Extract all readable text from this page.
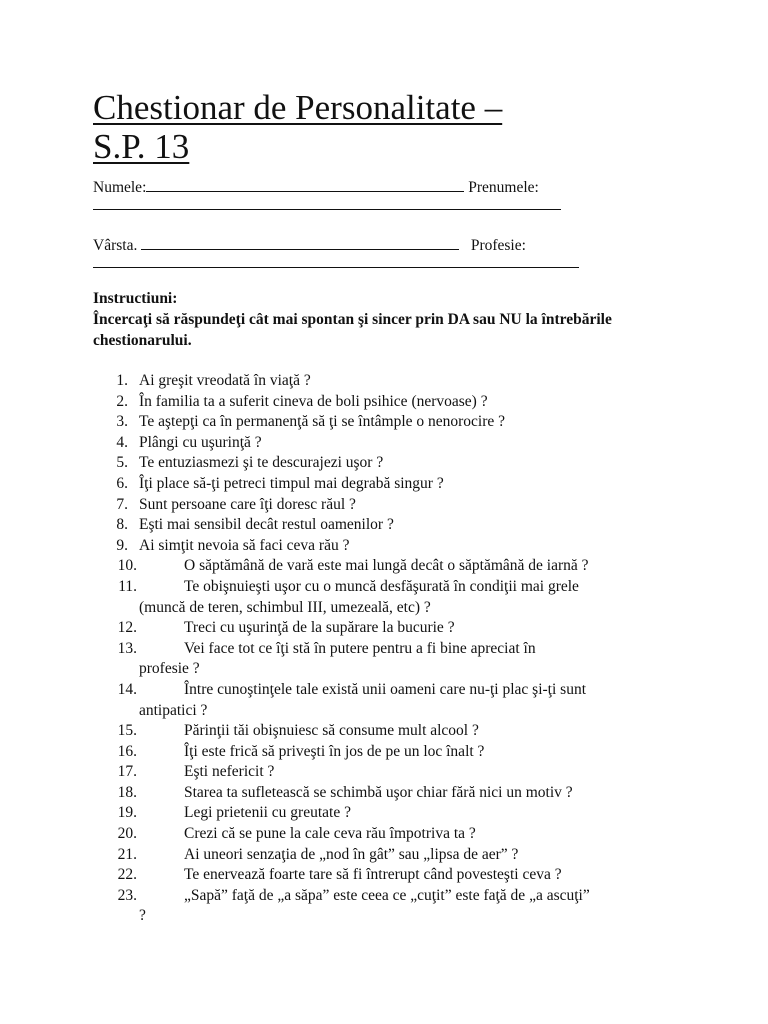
Chestionar de Personalitate –
S.P. 13
Numele:	Prenumele:
Vârsta.	Profesie:
Instructiuni:
Încercaţi să răspundeţi cât mai spontan şi sincer prin DA sau NU la întrebările chestionarului.
1. Ai greşit vreodată în viaţă ?
2. În familia ta a suferit cineva de boli psihice (nervoase) ?
3. Te aştepţi ca în permanenţă să ţi se întâmple o nenorocire ?
4. Plângi cu uşurinţă ?
5. Te entuziasmezi şi te descurajezi uşor ?
6. Îţi place să-ţi petreci timpul mai degrabă singur ?
7. Sunt persoane care îţi doresc răul ?
8. Eşti mai sensibil decât restul oamenilor ?
9. Ai simţit nevoia să faci ceva rău ?
10.	O săptămână de vară este mai lungă decât o săptămână de iarnă ?
11.	Te obişnuieşti uşor cu o muncă desfăşurată în condiţii mai grele
(muncă de teren, schimbul III, umezeală, etc) ?
12.	Treci cu uşurinţă de la supărare la bucurie ?
13.	Vei face tot ce îţi stă în putere pentru a fi bine apreciat în
profesie ?
14.	Între cunoştinţele tale există unii oameni care nu-ţi plac şi-ţi sunt
antipatici ?
15.	Părinţii tăi obişnuiesc să consume mult alcool ?
16.	Îţi este frică să priveşti în jos de pe un loc înalt ?
17.	Eşti nefericit ?
18.	Starea ta sufletească se schimbă uşor chiar fără nici un motiv ?
19.	Legi prietenii cu greutate ?
20.	Crezi că se pune la cale ceva rău împotriva ta ?
21.	Ai uneori senzaţia de „nod în gât” sau „lipsa de aer” ?
22.	Te enervează foarte tare să fi întrerupt când povesteşti ceva ?
23.	„Sapă” faţă de „a săpa” este ceea ce „cuţit” este faţă de „a ascuţi”
?
